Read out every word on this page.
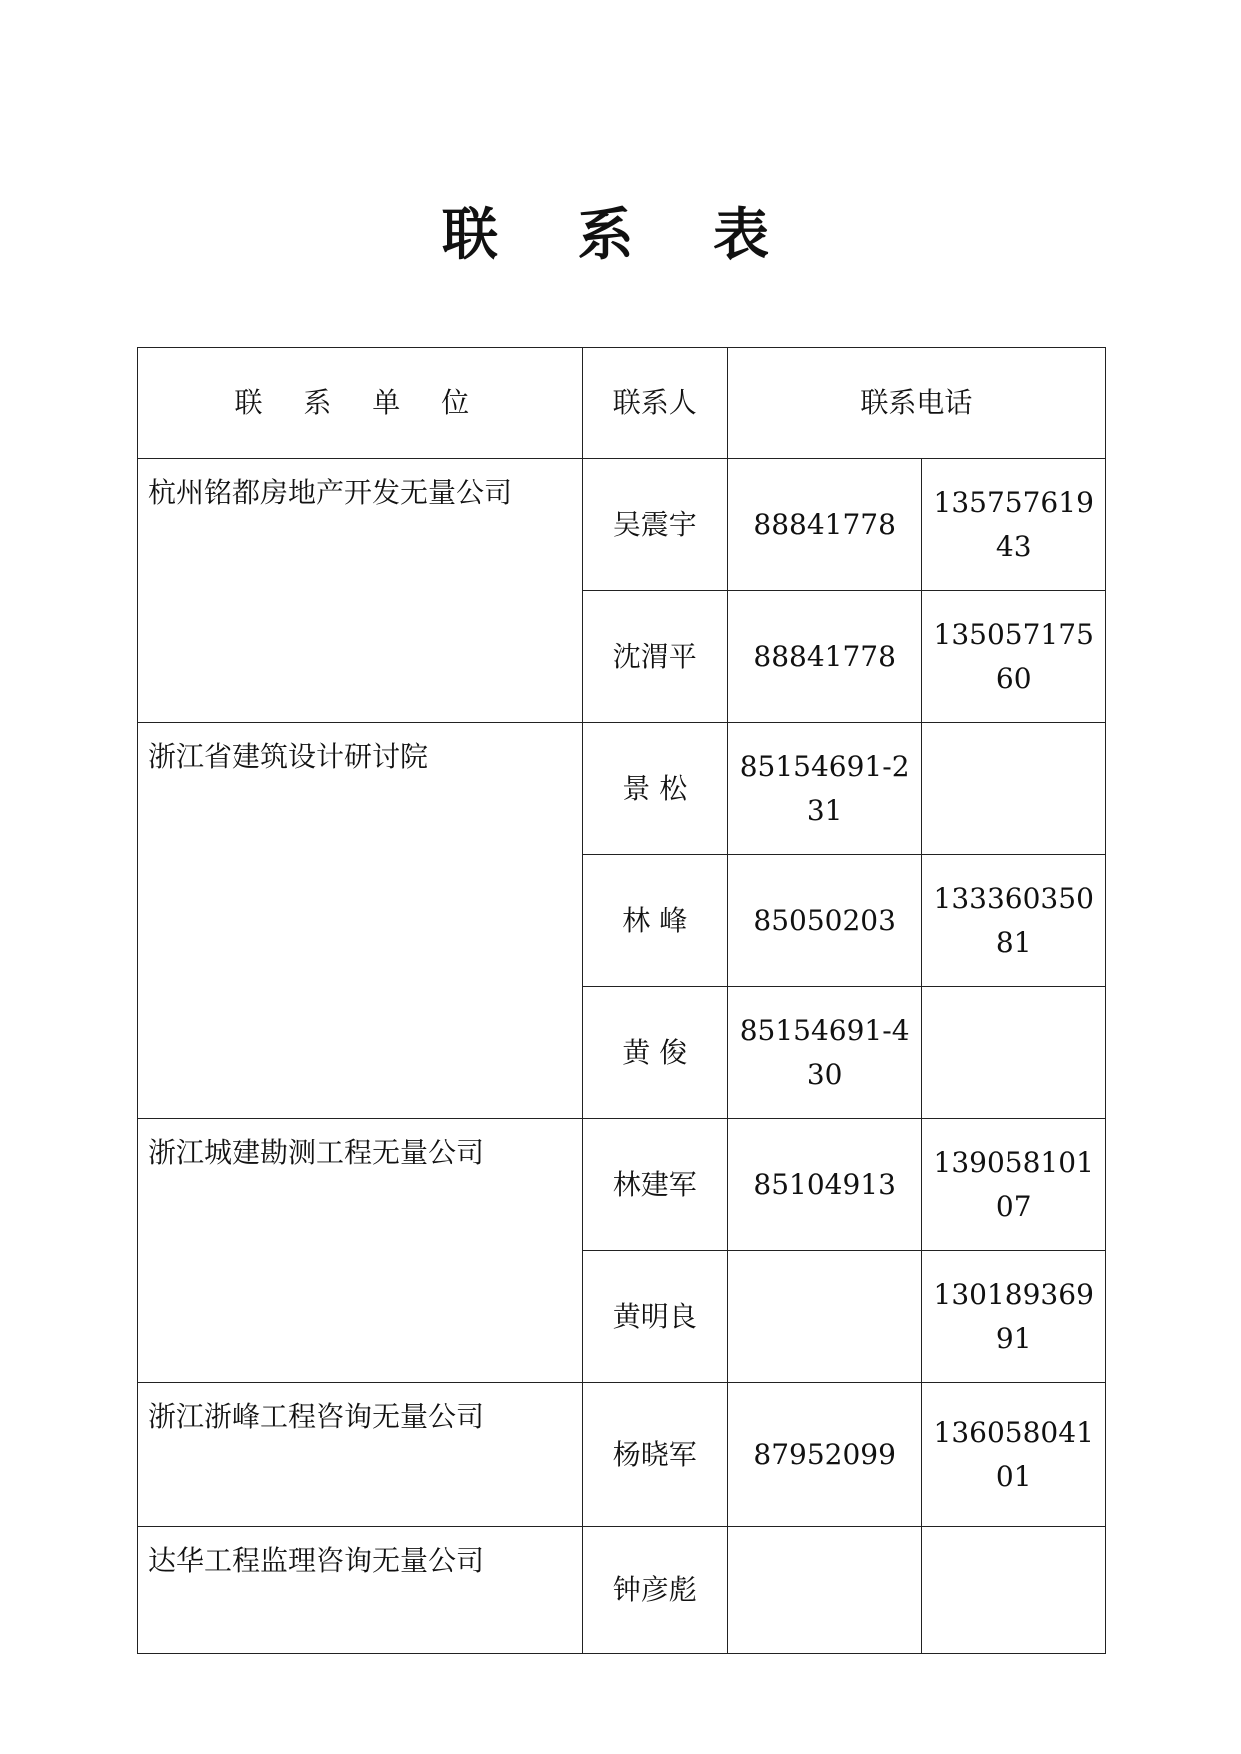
联 系 表
联 系 单 位	联系人	联系电话	
杭州铭都房地产开发无量公司	吴震宇	88841778	13575761943
	沈渭平	88841778	13505717560
浙江省建筑设计研讨院	景 松	85154691-231	
	林 峰	85050203	13336035081
	黄 俊	85154691-430	
浙江城建勘测工程无量公司	林建军	85104913	13905810107
	黄明良		13018936991
浙江浙峰工程咨询无量公司	杨晓军	87952099	13605804101
达华工程监理咨询无量公司	钟彦彪		
